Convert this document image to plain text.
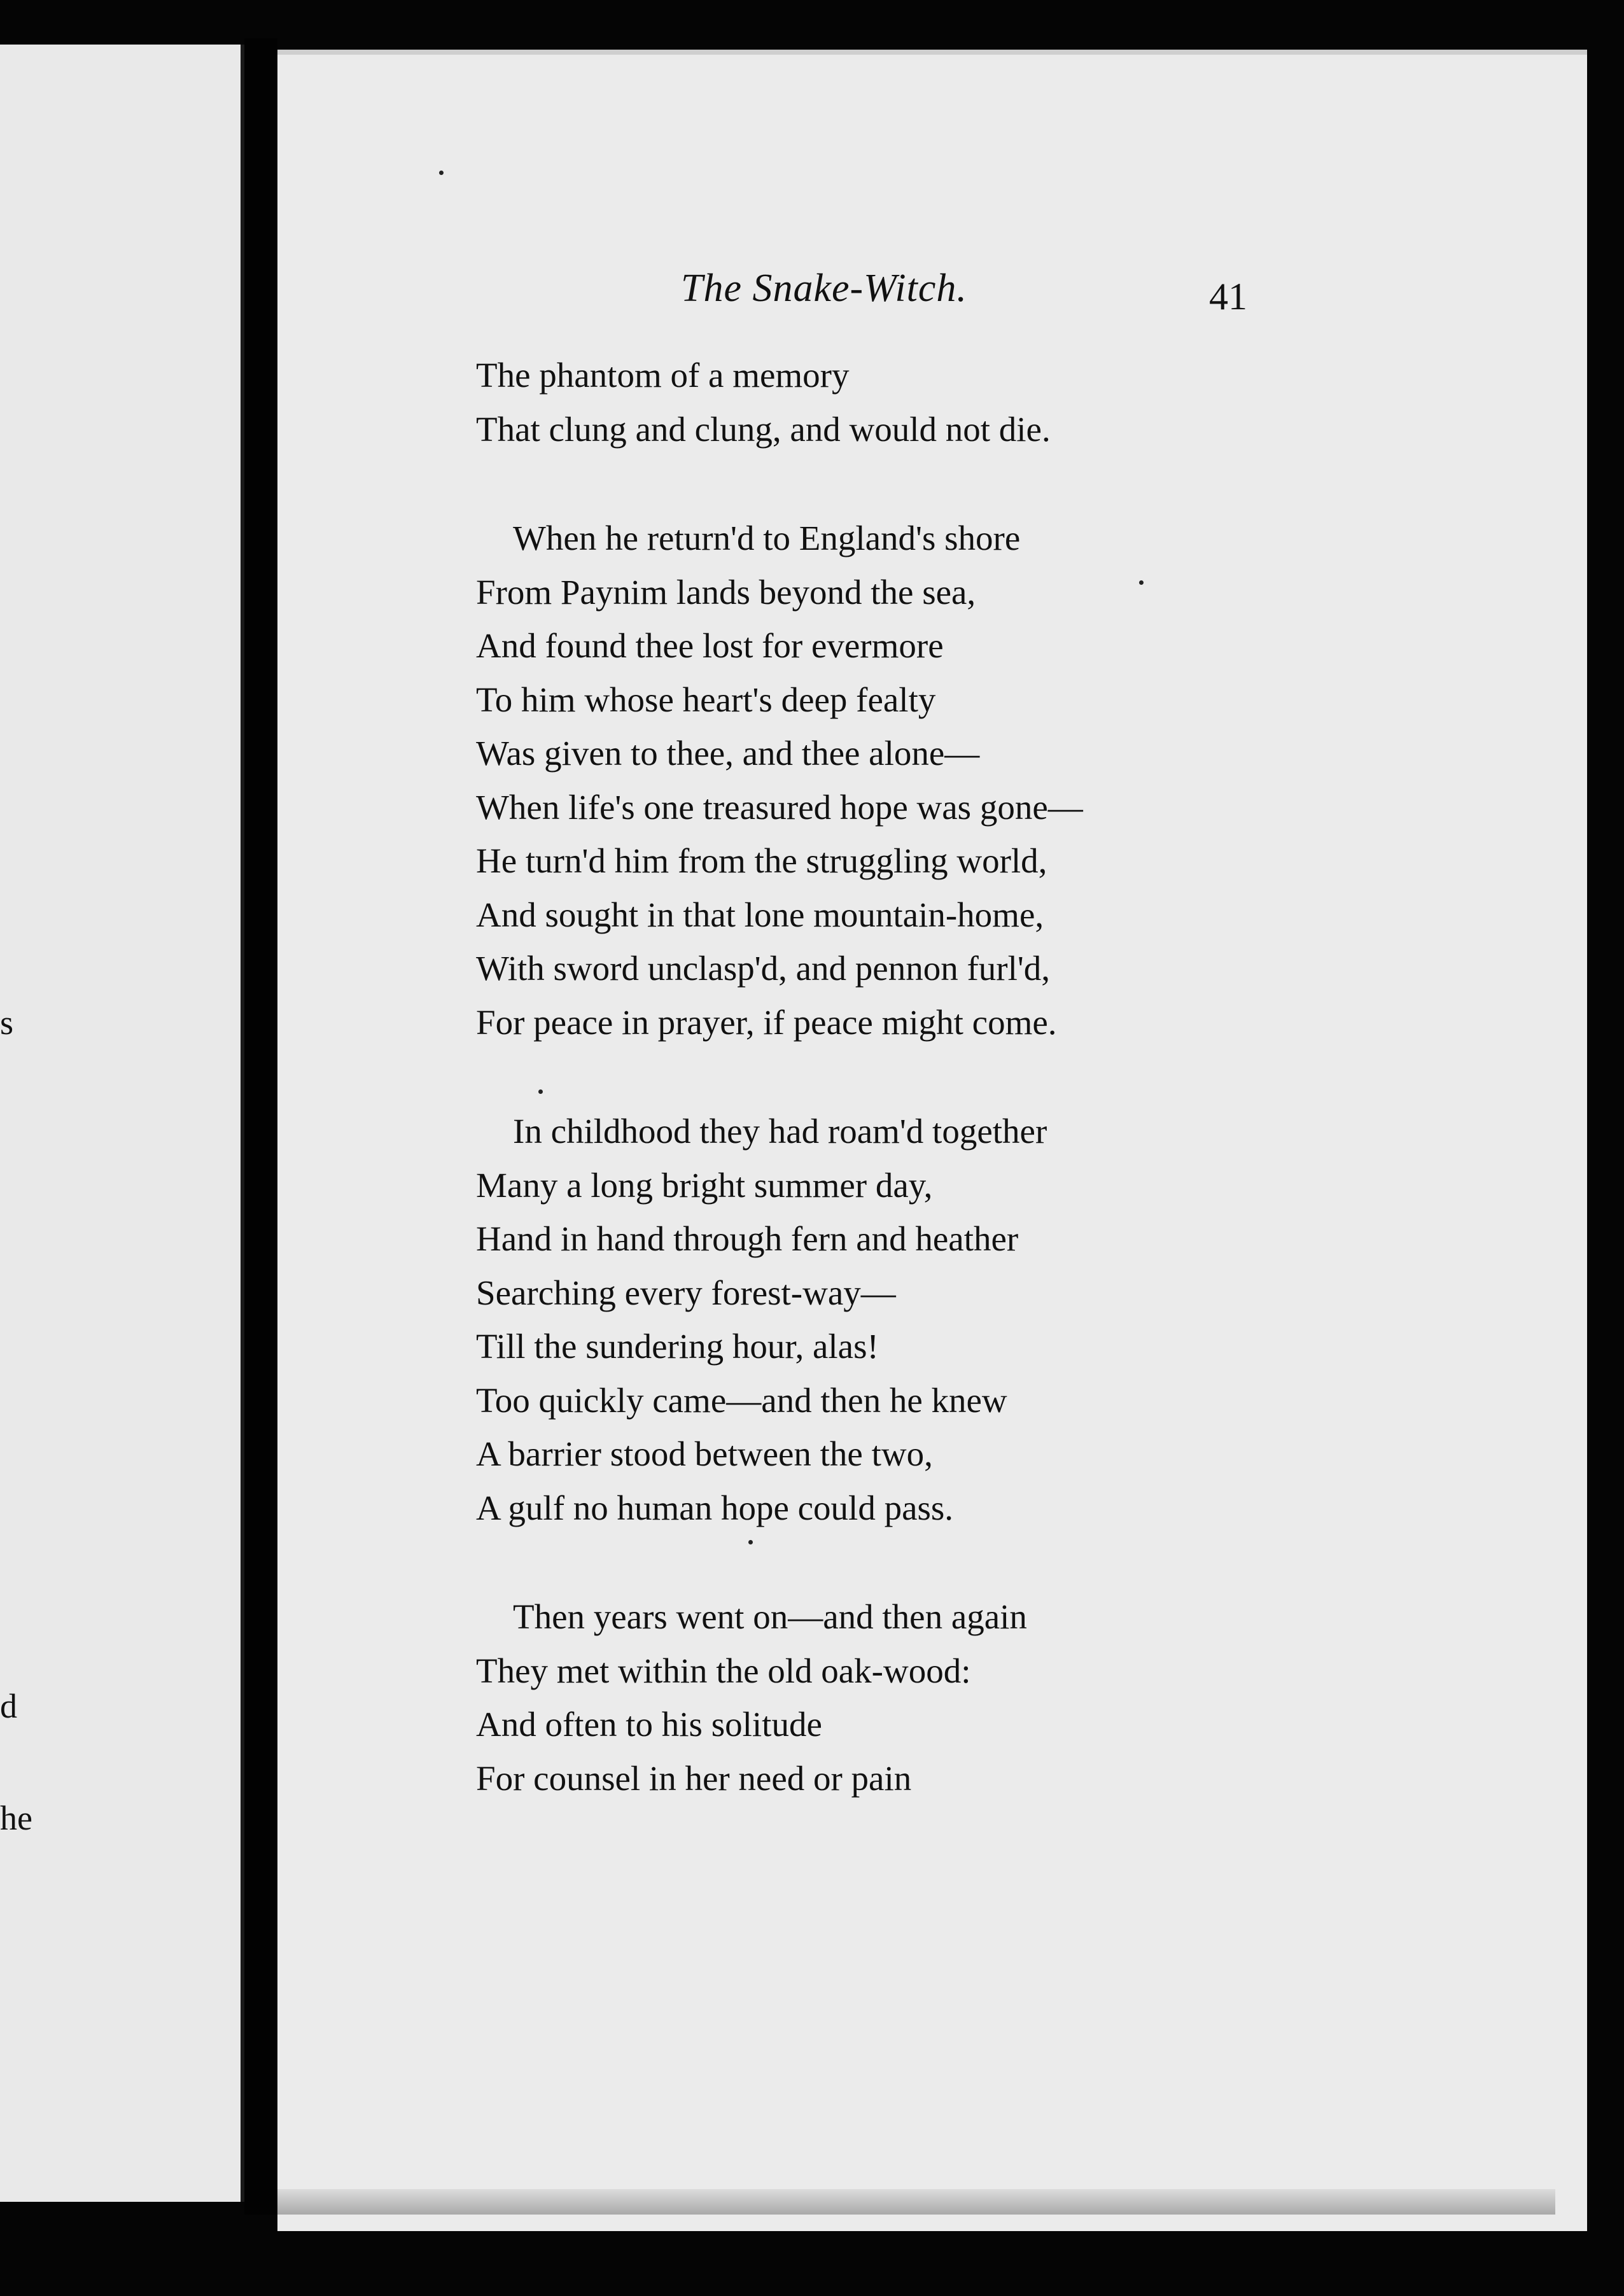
s
d
he
The Snake-Witch.	41
The phantom of a memory
That clung and clung, and would not die.
When he return'd to England's shore
From Paynim lands beyond the sea,
And found thee lost for evermore
To him whose heart's deep fealty
Was given to thee, and thee alone—
When life's one treasured hope was gone—
He turn'd him from the struggling world,
And sought in that lone mountain-home,
With sword unclasp'd, and pennon furl'd,
For peace in prayer, if peace might come.
In childhood they had roam'd together
Many a long bright summer day,
Hand in hand through fern and heather
Searching every forest-way—
Till the sundering hour, alas!
Too quickly came—and then he knew
A barrier stood between the two,
A gulf no human hope could pass.
Then years went on—and then again
They met within the old oak-wood:
And often to his solitude
For counsel in her need or pain
